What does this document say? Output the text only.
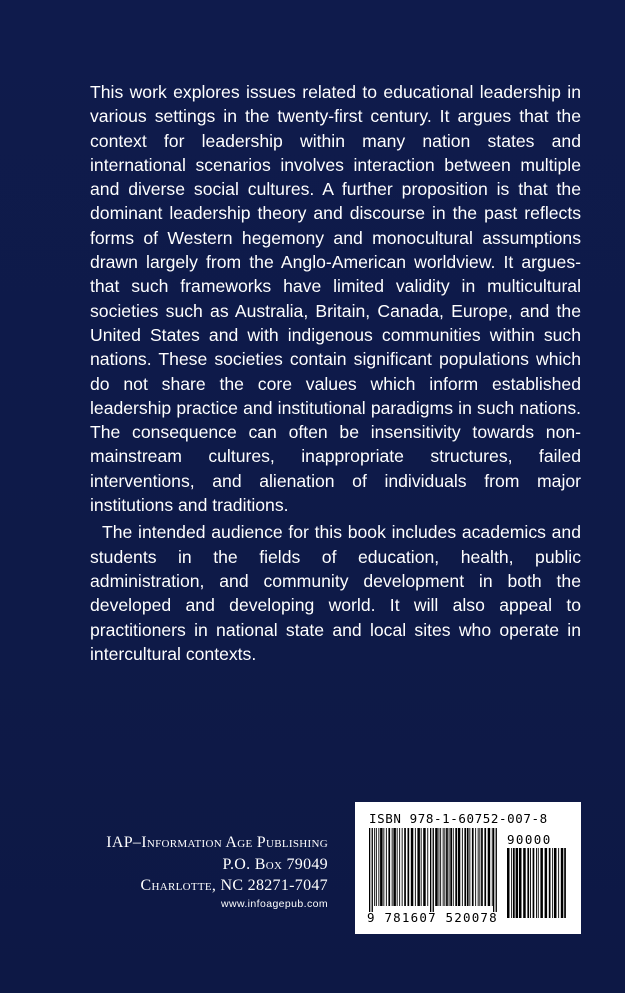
This work explores issues related to educational leadership in various settings in the twenty-first century. It argues that the context for leadership within many nation states and international scenarios involves interaction between multiple and diverse social cultures. A further proposition is that the dominant leadership theory and discourse in the past reflects forms of Western hegemony and monocultural assumptions drawn largely from the Anglo-American worldview. It argues- that such frameworks have limited validity in multicultural societies such as Australia, Britain, Canada, Europe, and the United States and with indigenous communities within such nations. These societies contain significant populations which do not share the core values which inform established leadership practice and institutional paradigms in such nations. The consequence can often be insensitivity towards non-mainstream cultures, inappropriate structures, failed interventions, and alienation of individuals from major institutions and traditions.

The intended audience for this book includes academics and students in the fields of education, health, public administration, and community development in both the developed and developing world. It will also appeal to practitioners in national state and local sites who operate in intercultural contexts.

IAP–Information Age Publishing
P.O. Box 79049
Charlotte, NC 28271-7047
www.infoagepub.com
ISBN 978-1-60752-007-8
90000
9 781607 520078
